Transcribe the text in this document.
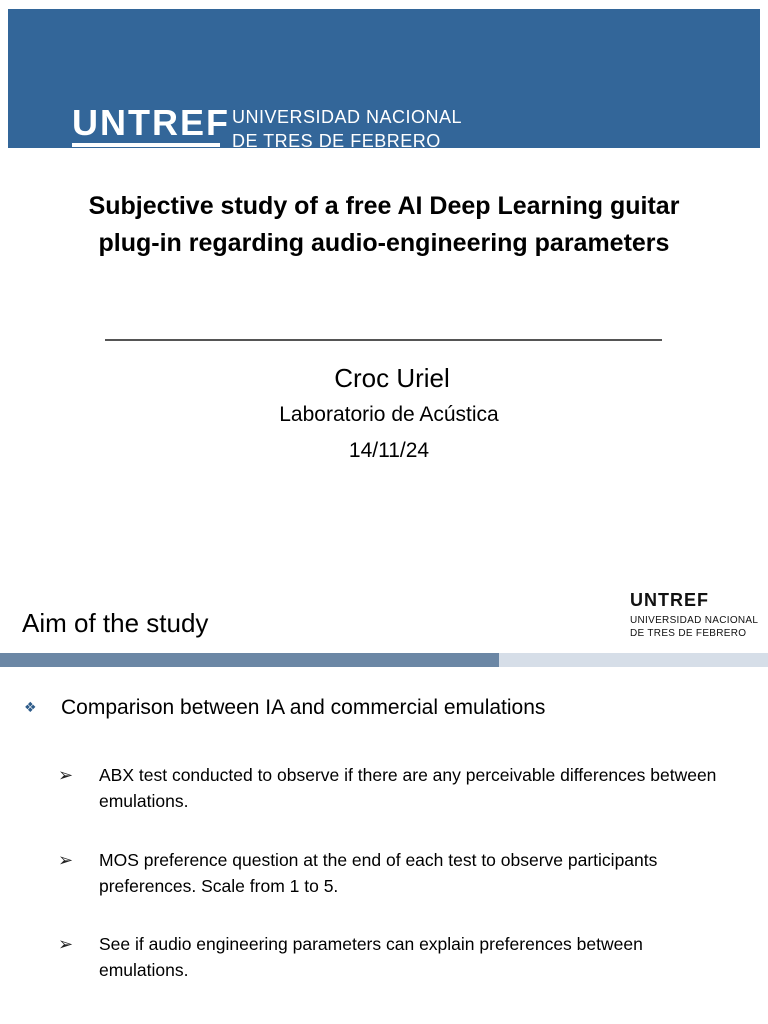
UNTREF UNIVERSIDAD NACIONAL
DE TRES DE FEBRERO
Subjective study of a free AI Deep Learning guitar plug-in regarding audio-engineering parameters
Croc Uriel
Laboratorio de Acústica
14/11/24
Aim of the study
UNTREF
UNIVERSIDAD NACIONAL
DE TRES DE FEBRERO
❖ Comparison between IA and commercial emulations
➢ ABX test conducted to observe if there are any perceivable differences between emulations.
➢ MOS preference question at the end of each test to observe participants preferences. Scale from 1 to 5.
➢ See if audio engineering parameters can explain preferences between emulations.
